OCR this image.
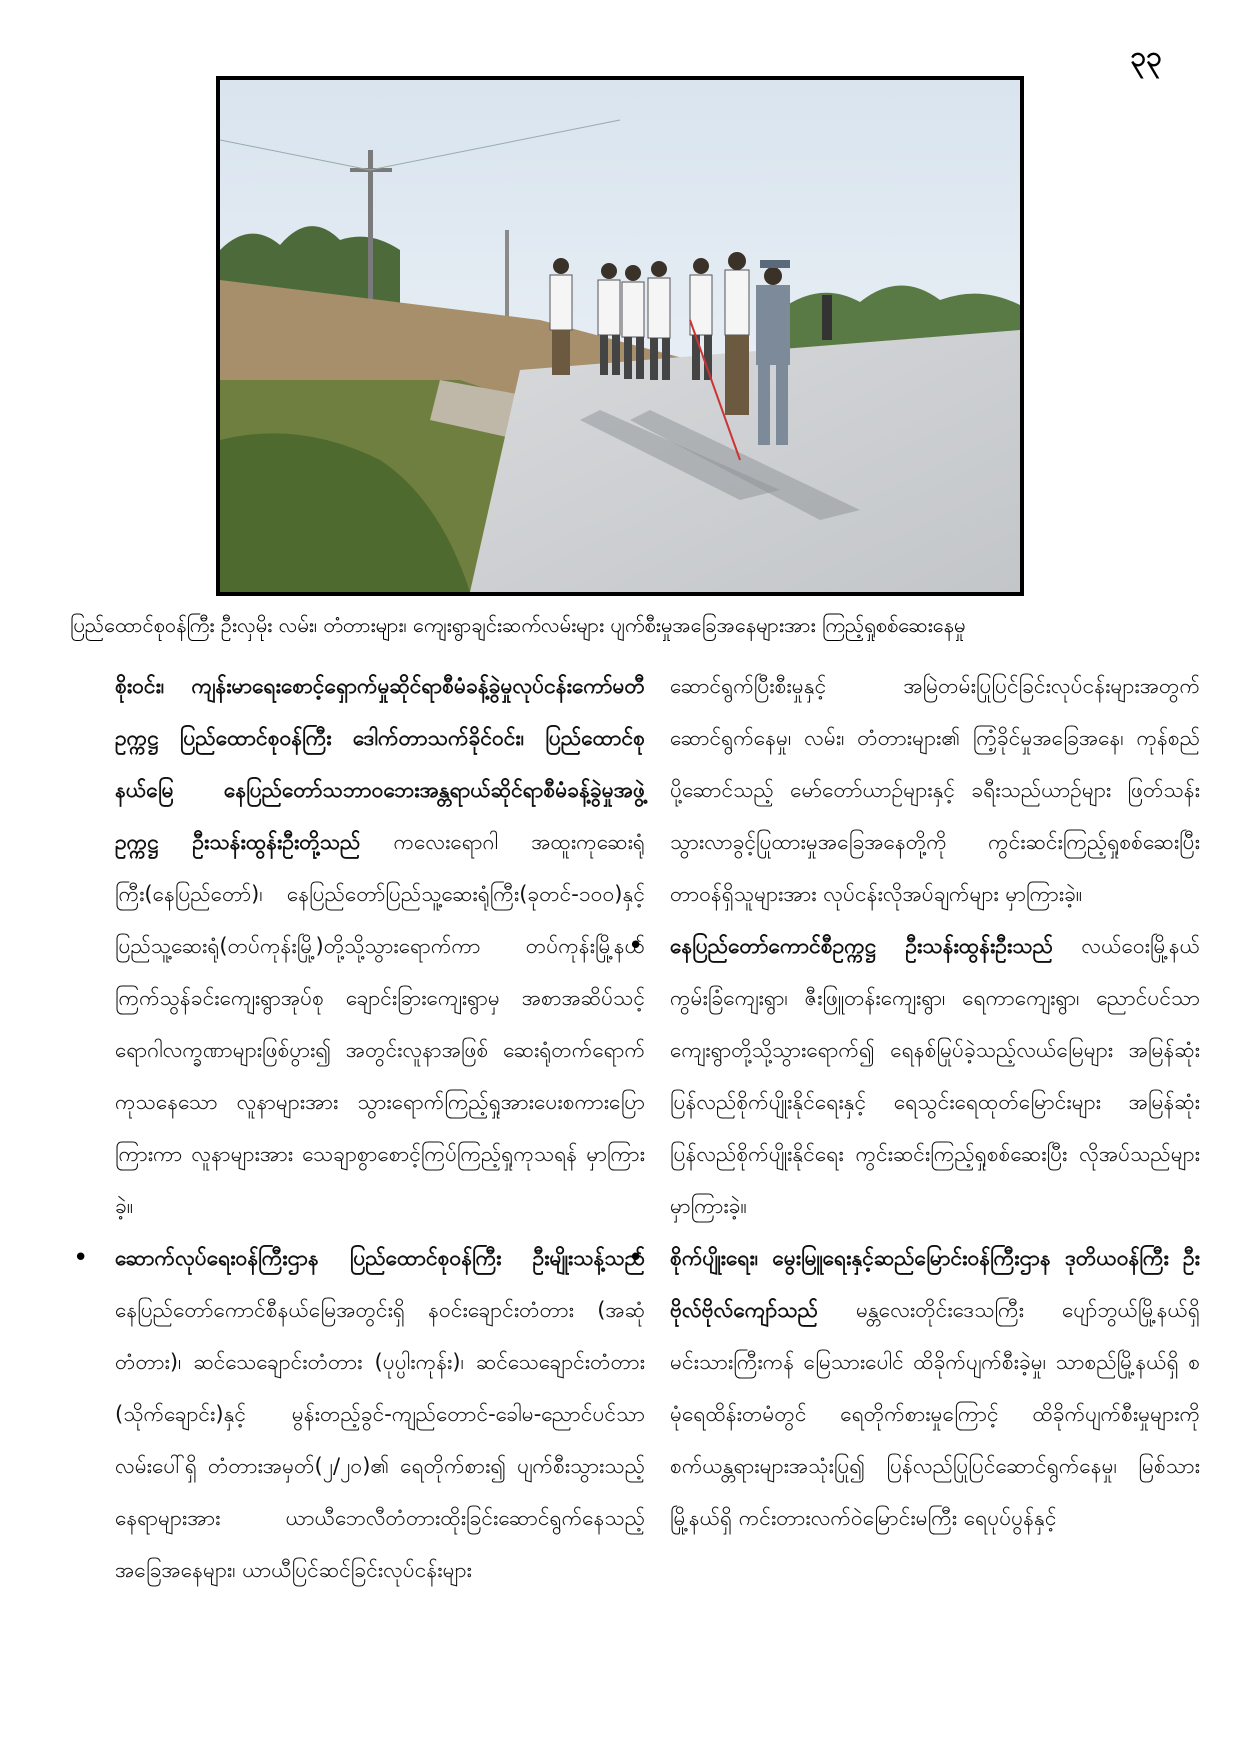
၃၃
ပြည်ထောင်စုဝန်ကြီး ဦးလှမိုး လမ်း၊ တံတားများ၊ ကျေးရွာချင်းဆက်လမ်းများ ပျက်စီးမှုအခြေအနေများအား ကြည့်ရှုစစ်ဆေးနေမှု

စိုးဝင်း၊ ကျန်းမာရေးစောင့်ရှောက်မှုဆိုင်ရာစီမံခန့်ခွဲမှုလုပ်ငန်းကော်မတီဥက္ကဋ္ဌ ပြည်ထောင်စုဝန်ကြီး ဒေါက်တာသက်ခိုင်ဝင်း၊ ပြည်ထောင်စုနယ်မြေ နေပြည်တော်သဘာဝဘေးအန္တရာယ်ဆိုင်ရာစီမံခန့်ခွဲမှုအဖွဲ့ဥက္ကဋ္ဌ ဦးသန်းထွန်းဦးတို့သည် ကလေးရောဂါ အထူးကုဆေးရုံကြီး(နေပြည်တော်)၊ နေပြည်တော်ပြည်သူ့ဆေးရုံကြီး(ခုတင်-၁၀၀)နှင့် ပြည်သူ့ဆေးရုံ(တပ်ကုန်းမြို့)တို့သို့သွားရောက်ကာ တပ်ကုန်းမြို့နယ် ကြက်သွန်ခင်းကျေးရွာအုပ်စု ချောင်းခြားကျေးရွာမှ အစာအဆိပ်သင့်ရောဂါလက္ခဏာများဖြစ်ပွား၍ အတွင်းလူနာအဖြစ် ဆေးရုံတက်ရောက်ကုသနေသော လူနာများအား သွားရောက်ကြည့်ရှုအားပေးစကားပြောကြားကာ လူနာများအား သေချာစွာစောင့်ကြပ်ကြည့်ရှုကုသရန် မှာကြားခဲ့။

• ဆောက်လုပ်ရေးဝန်ကြီးဌာန ပြည်ထောင်စုဝန်ကြီး ဦးမျိုးသန့်သည် နေပြည်တော်ကောင်စီနယ်မြေအတွင်းရှိ နဝင်းချောင်းတံတား (အဆုံတံတား)၊ ဆင်သေချောင်းတံတား (ပုပ္ပါးကုန်း)၊ ဆင်သေချောင်းတံတား (သိုက်ချောင်း)နှင့် မွန်းတည့်ခွင်-ကျည်တောင်-ခေါမ-ညောင်ပင်သာ လမ်းပေါ်ရှိ တံတားအမှတ်(၂/၂၀)၏ ရေတိုက်စား၍ ပျက်စီးသွားသည့် နေရာများအား ယာယီဘေလီတံတားထိုးခြင်းဆောင်ရွက်နေသည့်အခြေအနေများ၊ ယာယီပြင်ဆင်ခြင်းလုပ်ငန်းများ

ဆောင်ရွက်ပြီးစီးမှုနှင့် အမြဲတမ်းပြုပြင်ခြင်းလုပ်ငန်းများအတွက် ဆောင်ရွက်နေမှု၊ လမ်း၊ တံတားများ၏ ကြံ့ခိုင်မှုအခြေအနေ၊ ကုန်စည်ပို့ဆောင်သည့် မော်တော်ယာဉ်များနှင့် ခရီးသည်ယာဉ်များ ဖြတ်သန်းသွားလာခွင့်ပြုထားမှုအခြေအနေတို့ကို ကွင်းဆင်းကြည့်ရှုစစ်ဆေးပြီး တာဝန်ရှိသူများအား လုပ်ငန်းလိုအပ်ချက်များ မှာကြားခဲ့။

• နေပြည်တော်ကောင်စီဥက္ကဋ္ဌ ဦးသန်းထွန်းဦးသည် လယ်ဝေးမြို့နယ် ကွမ်းခြံကျေးရွာ၊ ဇီးဖြူတန်းကျေးရွာ၊ ရေကာကျေးရွာ၊ ညောင်ပင်သာကျေးရွာတို့သို့သွားရောက်၍ ရေနစ်မြုပ်ခဲ့သည့်လယ်မြေများ အမြန်ဆုံးပြန်လည်စိုက်ပျိုးနိုင်ရေးနှင့် ရေသွင်းရေထုတ်မြောင်းများ အမြန်ဆုံးပြန်လည်စိုက်ပျိုးနိုင်ရေး ကွင်းဆင်းကြည့်ရှုစစ်ဆေးပြီး လိုအပ်သည်များမှာကြားခဲ့။

• စိုက်ပျိုးရေး၊ မွေးမြူရေးနှင့်ဆည်မြောင်းဝန်ကြီးဌာန ဒုတိယဝန်ကြီး ဦးဗိုလ်ဗိုလ်ကျော်သည် မန္တလေးတိုင်းဒေသကြီး ပျော်ဘွယ်မြို့နယ်ရှိ မင်းသားကြီးကန် မြေသားပေါင် ထိခိုက်ပျက်စီးခဲ့မှု၊ သာစည်မြို့နယ်ရှိ စမုံရေထိန်းတမံတွင် ရေတိုက်စားမှုကြောင့် ထိခိုက်ပျက်စီးမှုများကို စက်ယန္တရားများအသုံးပြု၍ ပြန်လည်ပြုပြင်ဆောင်ရွက်နေမှု၊ မြစ်သားမြို့နယ်ရှိ ကင်းတားလက်ဝဲမြောင်းမကြီး ရေပုပ်ပွန်နှင့်
